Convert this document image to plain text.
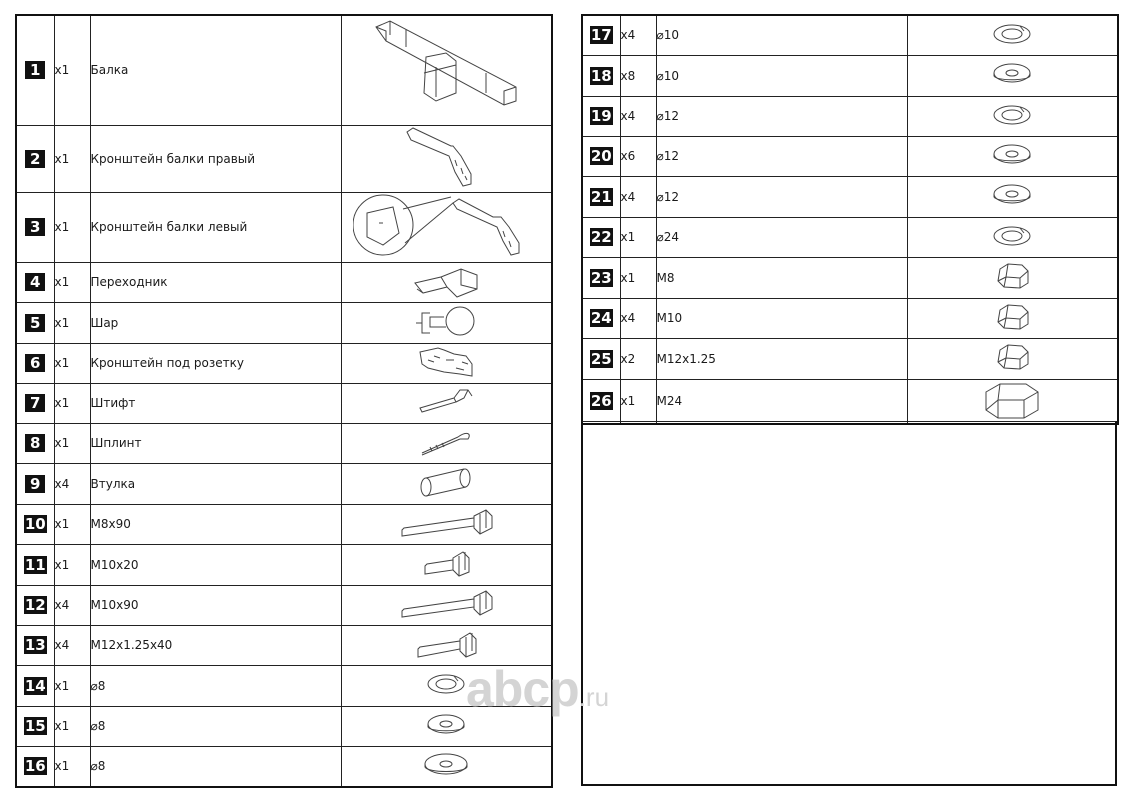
1	x1	Балка	

2	x1	Кронштейн балки правый	

3	x1	Кронштейн балки левый	

4	x1	Переходник	

5	x1	Шар	

6	x1	Кронштейн под розетку	

7	x1	Штифт	

8	x1	Шплинт	

9	x4	Втулка	

10	x1	M8x90	

11	x1	M10x20	

12	x4	M10x90	

13	x4	M12x1.25x40	

14	x1	⌀8	

15	x1	⌀8	

16	x1	⌀8	
17	x4	⌀10	

18	x8	⌀10	

19	x4	⌀12	

20	x6	⌀12	

21	x4	⌀12	

22	x1	⌀24	

23	x1	M8	

24	x4	M10	

25	x2	M12x1.25	

26	x1	M24	
abcp.ru
